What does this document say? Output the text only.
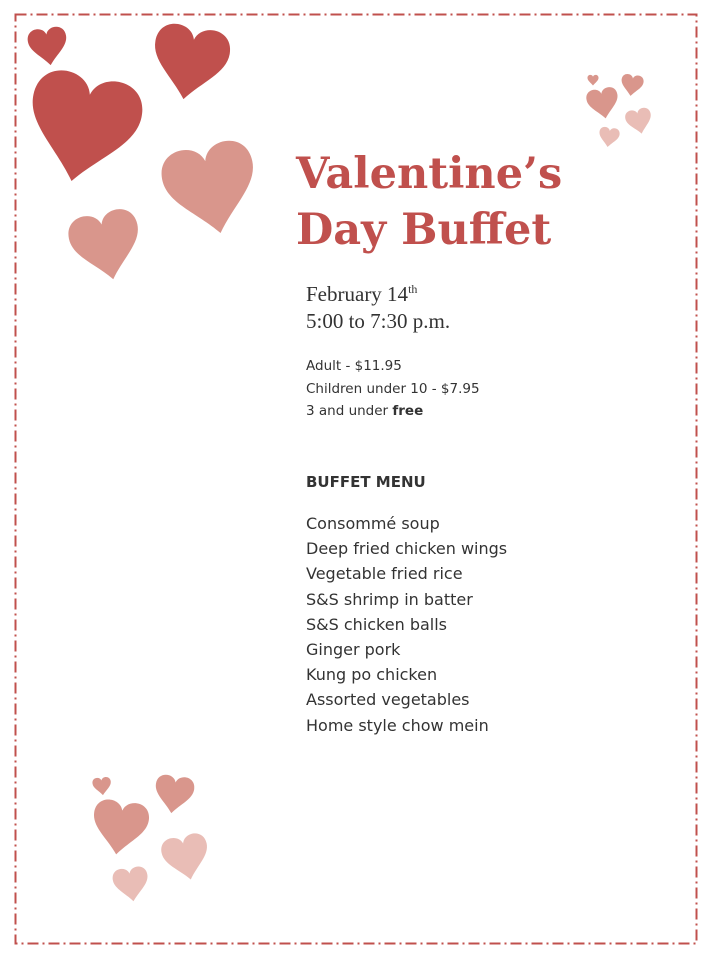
Valentine’s
Day Buffet
February 14th
5:00 to 7:30 p.m.
Adult - $11.95
Children under 10 - $7.95
3 and under free
BUFFET MENU
Consommé soup
Deep fried chicken wings
Vegetable fried rice
S&S shrimp in batter
S&S chicken balls
Ginger pork
Kung po chicken
Assorted vegetables
Home style chow mein
